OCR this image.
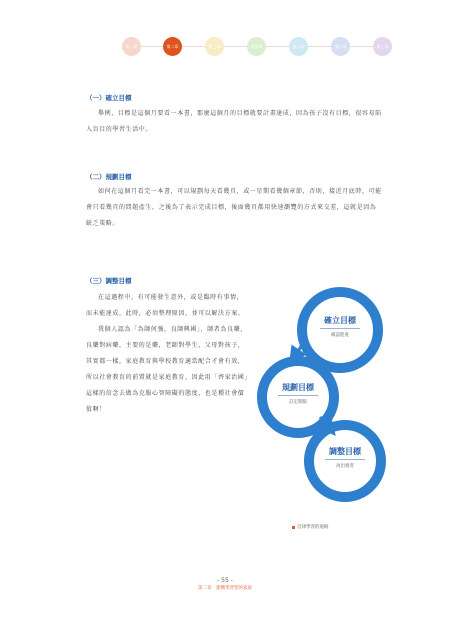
第一章	第二章	第三章	第四章	第五章	第六章	第七章
（一）確立目標

舉例，目標是這個月要看一本書，那麼這個月的目標就要計畫達成，因為孩子沒有目標，很容易陷入盲目的學習生活中。

（二）規劃目標

如何在這個月看完一本書，可以規劃每天看幾頁，或一星期看幾個章節，否則，接近月底時，可能會只看幾頁的問題產生，之後為了表示完成目標，後面幾頁都用快速瀏覽的方式來交差，這就是因為缺乏策略。

（三）調整目標

在這過程中，有可能發生意外，或是臨時有事情，而未能達成，此時，必須整理原因，並可以解決方案。

我個人認為「為師何強，良師興國」，師者為良藥，良藥對病藥，主要的是藥，老師對學生，父母對孩子，其實都一樣，家庭教育與學校教育適當配合才會有效，所以社會教育的前置就是家庭教育，因此用「齊家治國」這樣的信念去做為克服心智障礙的態度，也是種社會價值啊！

確立目標
確認進度
規劃目標
訂定期限
調整目標
再出發者
自律學習的迴路
- 55 -
第二章　建構學習型的家庭
